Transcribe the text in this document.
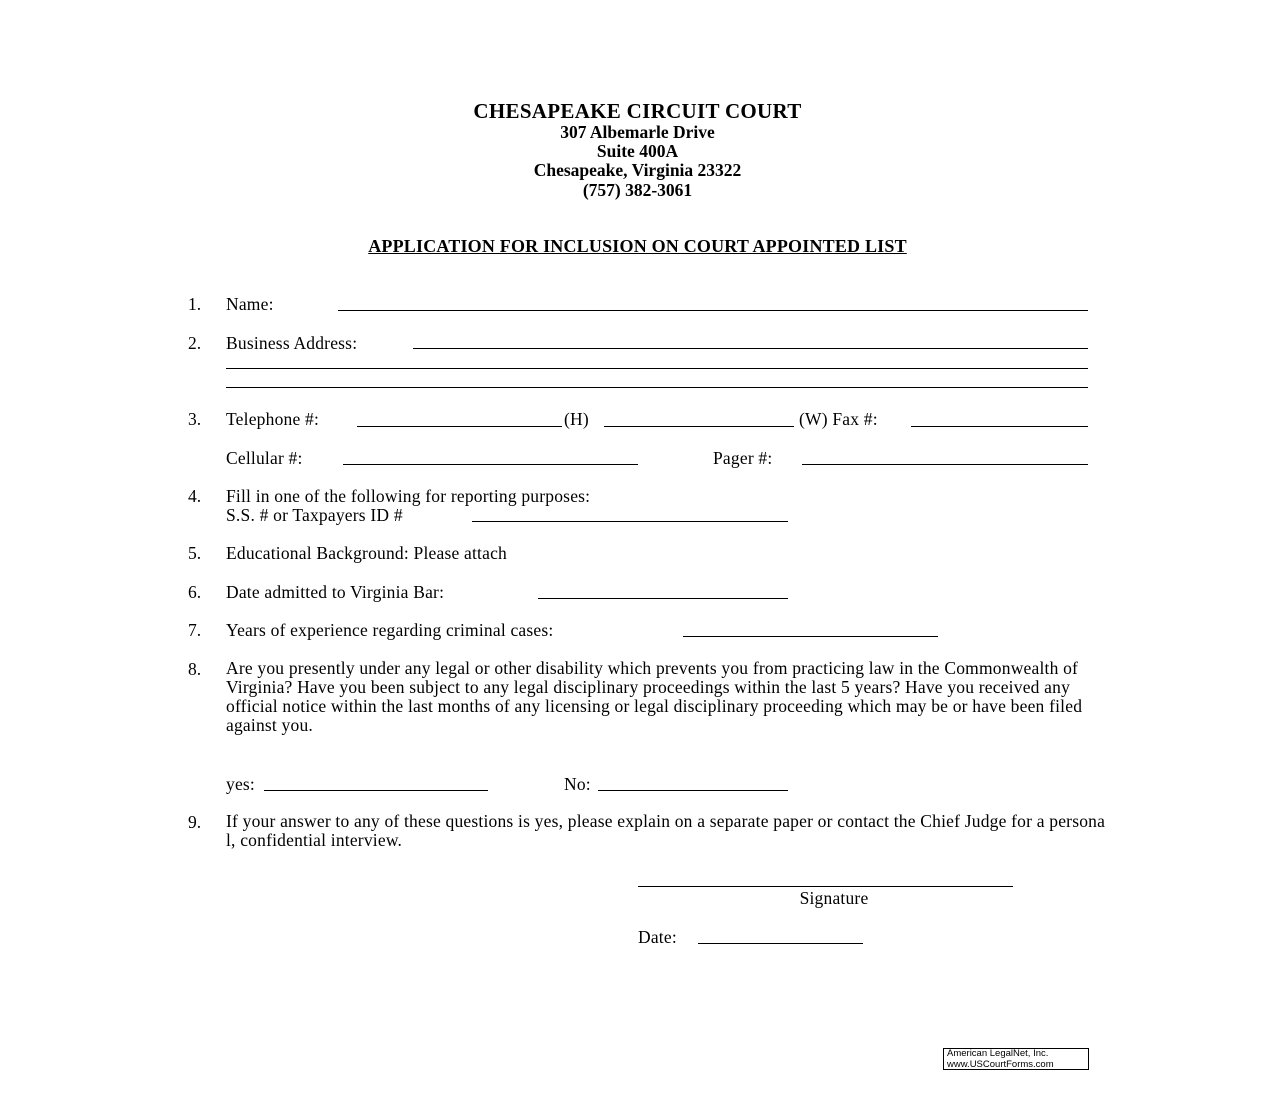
CHESAPEAKE CIRCUIT COURT
307 Albemarle Drive
Suite 400A
Chesapeake, Virginia 23322
(757) 382-3061
APPLICATION FOR INCLUSION ON COURT APPOINTED LIST
1. Name:
2. Business Address:
3. Telephone #:	(H)	(W) Fax #:
Cellular #:	Pager #:
4. Fill in one of the following for reporting purposes:
S.S. # or Taxpayers ID #
5. Educational Background: Please attach
6. Date admitted to Virginia Bar:
7. Years of experience regarding criminal cases:
8. Are you presently under any legal or other disability which prevents you from practicing law in the Commonwealth of Virginia? Have you been subject to any legal disciplinary proceedings within the last 5 years? Have you received any official notice within the last months of any licensing or legal disciplinary proceeding which may be or have been filed against you.
yes:	No:
9. If your answer to any of these questions is yes, please explain on a separate paper or contact the Chief Judge for a persona l, confidential interview.
Signature
Date:
American LegalNet, Inc.
www.USCourtForms.com
